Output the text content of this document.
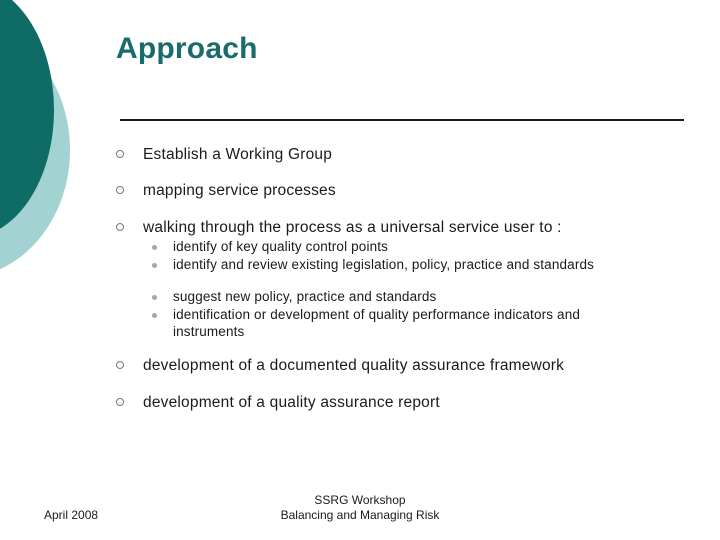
Approach
Establish a Working Group
mapping service processes
walking through the process as a universal service user to :
identify of key quality control points
identify and review existing legislation, policy, practice and standards
suggest new policy, practice and standards
identification or development of quality performance indicators and instruments
development of a documented quality assurance framework
development of a quality assurance report
April 2008
SSRG Workshop
Balancing and Managing Risk
